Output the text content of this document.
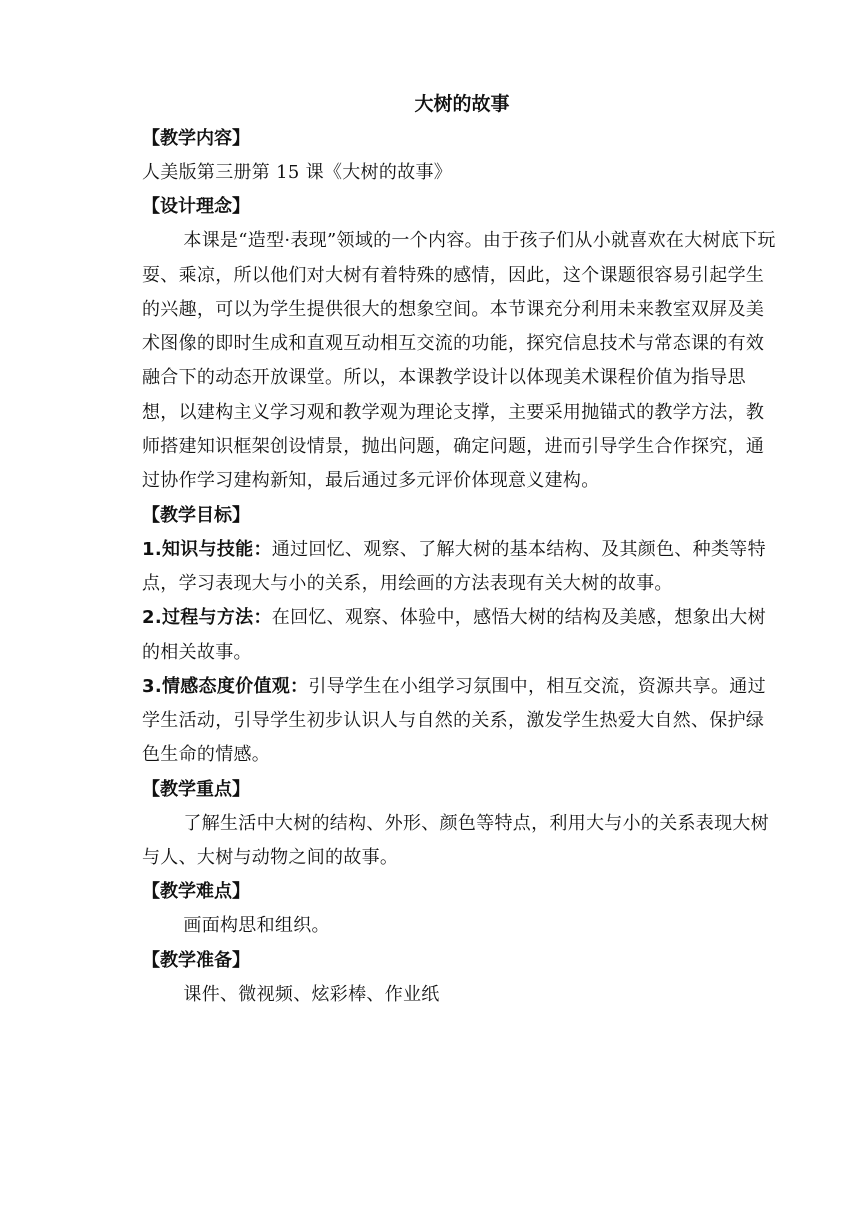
大树的故事
【教学内容】
人美版第三册第 15 课《大树的故事》
【设计理念】
本课是“造型·表现”领域的一个内容。由于孩子们从小就喜欢在大树底下玩耍、乘凉，所以他们对大树有着特殊的感情，因此，这个课题很容易引起学生的兴趣，可以为学生提供很大的想象空间。本节课充分利用未来教室双屏及美术图像的即时生成和直观互动相互交流的功能，探究信息技术与常态课的有效融合下的动态开放课堂。所以，本课教学设计以体现美术课程价值为指导思想，以建构主义学习观和教学观为理论支撑，主要采用抛锚式的教学方法，教师搭建知识框架创设情景，抛出问题，确定问题，进而引导学生合作探究，通过协作学习建构新知，最后通过多元评价体现意义建构。
【教学目标】
1.知识与技能：通过回忆、观察、了解大树的基本结构、及其颜色、种类等特点，学习表现大与小的关系，用绘画的方法表现有关大树的故事。
2.过程与方法：在回忆、观察、体验中，感悟大树的结构及美感，想象出大树的相关故事。
3.情感态度价值观：引导学生在小组学习氛围中，相互交流，资源共享。通过学生活动，引导学生初步认识人与自然的关系，激发学生热爱大自然、保护绿色生命的情感。
【教学重点】
了解生活中大树的结构、外形、颜色等特点，利用大与小的关系表现大树与人、大树与动物之间的故事。
【教学难点】
画面构思和组织。
【教学准备】
课件、微视频、炫彩棒、作业纸
